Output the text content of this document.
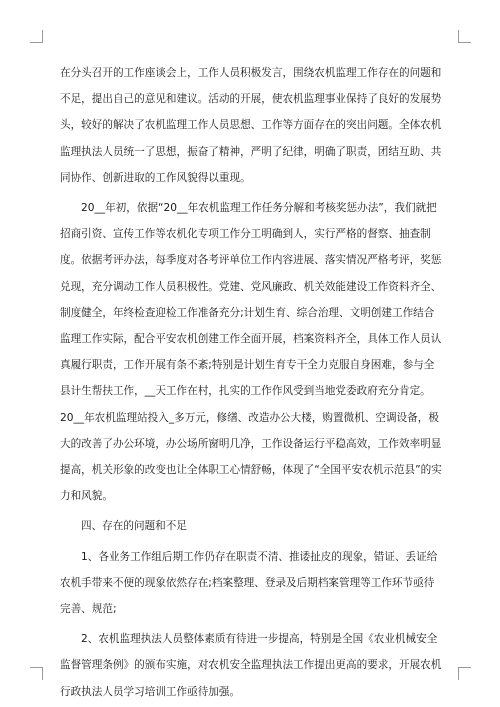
在分头召开的工作座谈会上，工作人员积极发言，围绕农机监理工作存在的问题和不足，提出自己的意见和建议。活动的开展，使农机监理事业保持了良好的发展势头，较好的解决了农机监理工作人员思想、工作等方面存在的突出问题。全体农机监理执法人员统一了思想，振奋了精神，严明了纪律，明确了职责，团结互助、共同协作、创新进取的工作风貌得以重现。

20__年初，依据“20__年农机监理工作任务分解和考核奖惩办法”，我们就把招商引资、宣传工作等农机化专项工作分工明确到人，实行严格的督察、抽查制度。依据考评办法，每季度对各考评单位工作内容进展、落实情况严格考评，奖惩兑现，充分调动工作人员积极性。党建、党风廉政、机关效能建设工作资料齐全、制度健全，年终检查迎检工作准备充分;计划生育、综合治理、文明创建工作结合监理工作实际，配合平安农机创建工作全面开展，档案资料齐全，具体工作人员认真履行职责，工作开展有条不紊;特别是计划生育专干全力克服自身困难，参与全县计生帮扶工作，__天工作在村，扎实的工作作风受到当地党委政府充分肯定。20__年农机监理站投入_多万元，修缮、改造办公大楼，购置微机、空调设备，极大的改善了办公环境，办公场所窗明几净，工作设备运行平稳高效，工作效率明显提高，机关形象的改变也让全体职工心情舒畅，体现了“全国平安农机示范县”的实力和风貌。

四、存在的问题和不足

1、各业务工作组后期工作仍存在职责不清、推诿扯皮的现象，错证、丢证给农机手带来不便的现象依然存在;档案整理、登录及后期档案管理等工作环节亟待完善、规范;

2、农机监理执法人员整体素质有待进一步提高，特别是全国《农业机械安全监督管理条例》的颁布实施，对农机安全监理执法工作提出更高的要求，开展农机行政执法人员学习培训工作亟待加强。
